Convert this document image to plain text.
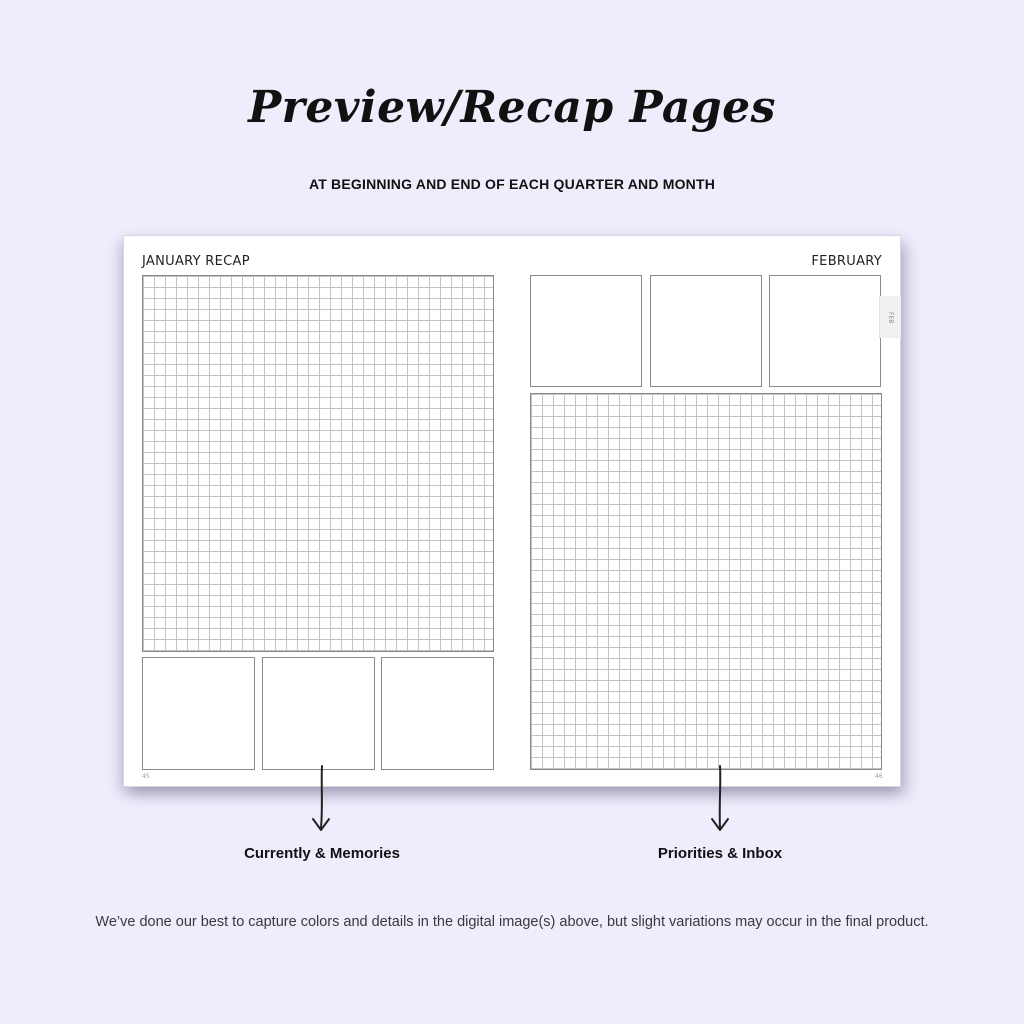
Preview/Recap Pages
AT BEGINNING AND END OF EACH QUARTER AND MONTH
JANUARY RECAP
45
FEBRUARY
46
FEB
Currently & Memories	Priorities & Inbox
We’ve done our best to capture colors and details in the digital image(s) above, but slight variations may occur in the final product.
